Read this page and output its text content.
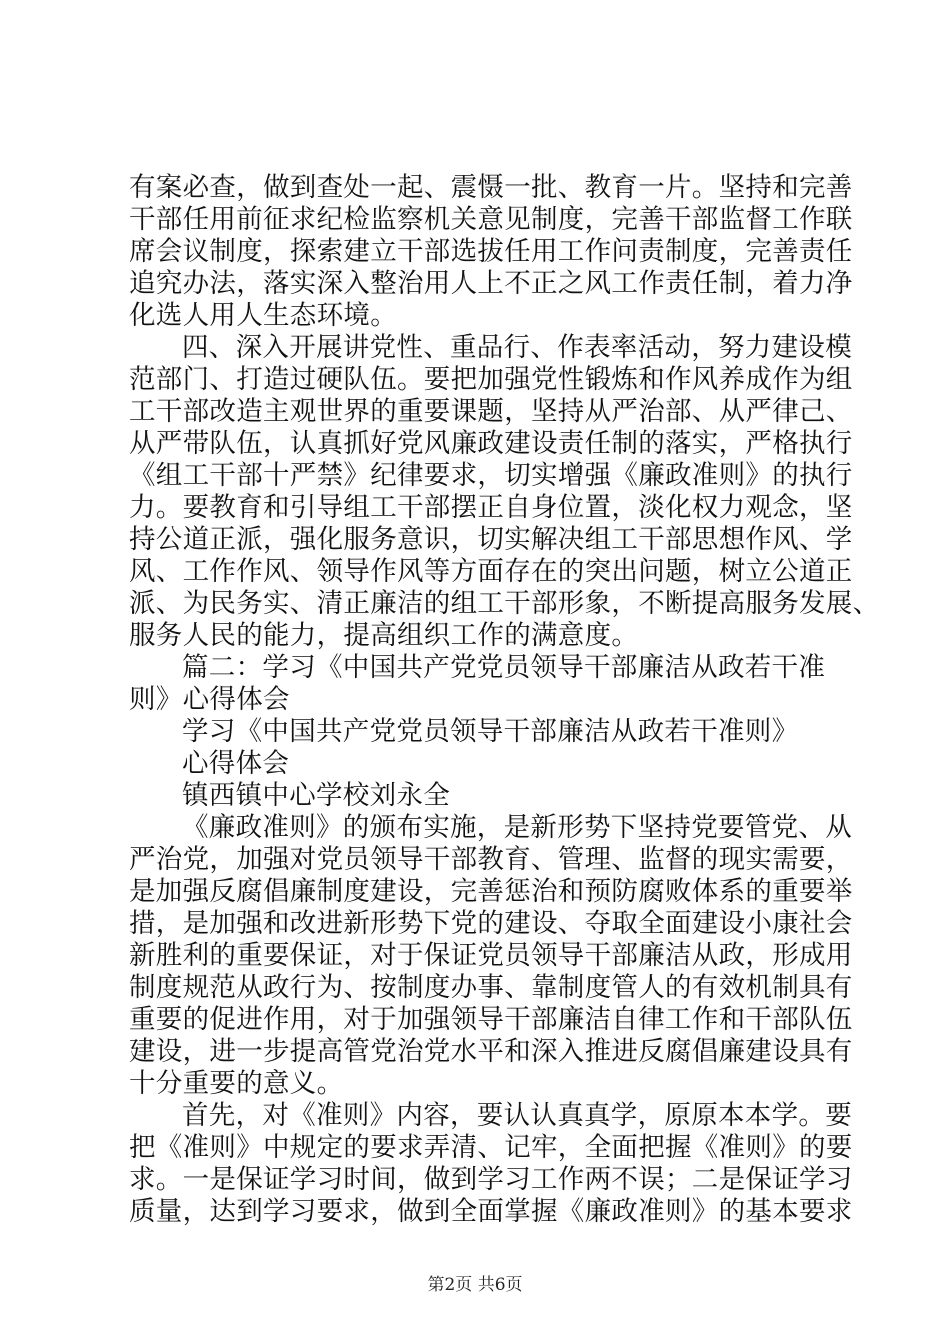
有案必查，做到查处一起、震慑一批、教育一片。坚持和完善
干部任用前征求纪检监察机关意见制度，完善干部监督工作联
席会议制度，探索建立干部选拔任用工作问责制度，完善责任
追究办法，落实深入整治用人上不正之风工作责任制，着力净
化选人用人生态环境。
四、深入开展讲党性、重品行、作表率活动，努力建设模
范部门、打造过硬队伍。要把加强党性锻炼和作风养成作为组
工干部改造主观世界的重要课题，坚持从严治部、从严律己、
从严带队伍，认真抓好党风廉政建设责任制的落实，严格执行
《组工干部十严禁》纪律要求，切实增强《廉政准则》的执行
力。要教育和引导组工干部摆正自身位置，淡化权力观念，坚
持公道正派，强化服务意识，切实解决组工干部思想作风、学
风、工作作风、领导作风等方面存在的突出问题，树立公道正
派、为民务实、清正廉洁的组工干部形象，不断提高服务发展、
服务人民的能力，提高组织工作的满意度。
篇二：学习《中国共产党党员领导干部廉洁从政若干准
则》心得体会
学习《中国共产党党员领导干部廉洁从政若干准则》
心得体会
镇西镇中心学校刘永全
《廉政准则》的颁布实施，是新形势下坚持党要管党、从
严治党，加强对党员领导干部教育、管理、监督的现实需要，
是加强反腐倡廉制度建设，完善惩治和预防腐败体系的重要举
措，是加强和改进新形势下党的建设、夺取全面建设小康社会
新胜利的重要保证，对于保证党员领导干部廉洁从政，形成用
制度规范从政行为、按制度办事、靠制度管人的有效机制具有
重要的促进作用，对于加强领导干部廉洁自律工作和干部队伍
建设，进一步提高管党治党水平和深入推进反腐倡廉建设具有
十分重要的意义。
首先，对《准则》内容，要认认真真学，原原本本学。要
把《准则》中规定的要求弄清、记牢，全面把握《准则》的要
求。一是保证学习时间，做到学习工作两不误；二是保证学习
质量，达到学习要求，做到全面掌握《廉政准则》的基本要求
第2页 共6页
